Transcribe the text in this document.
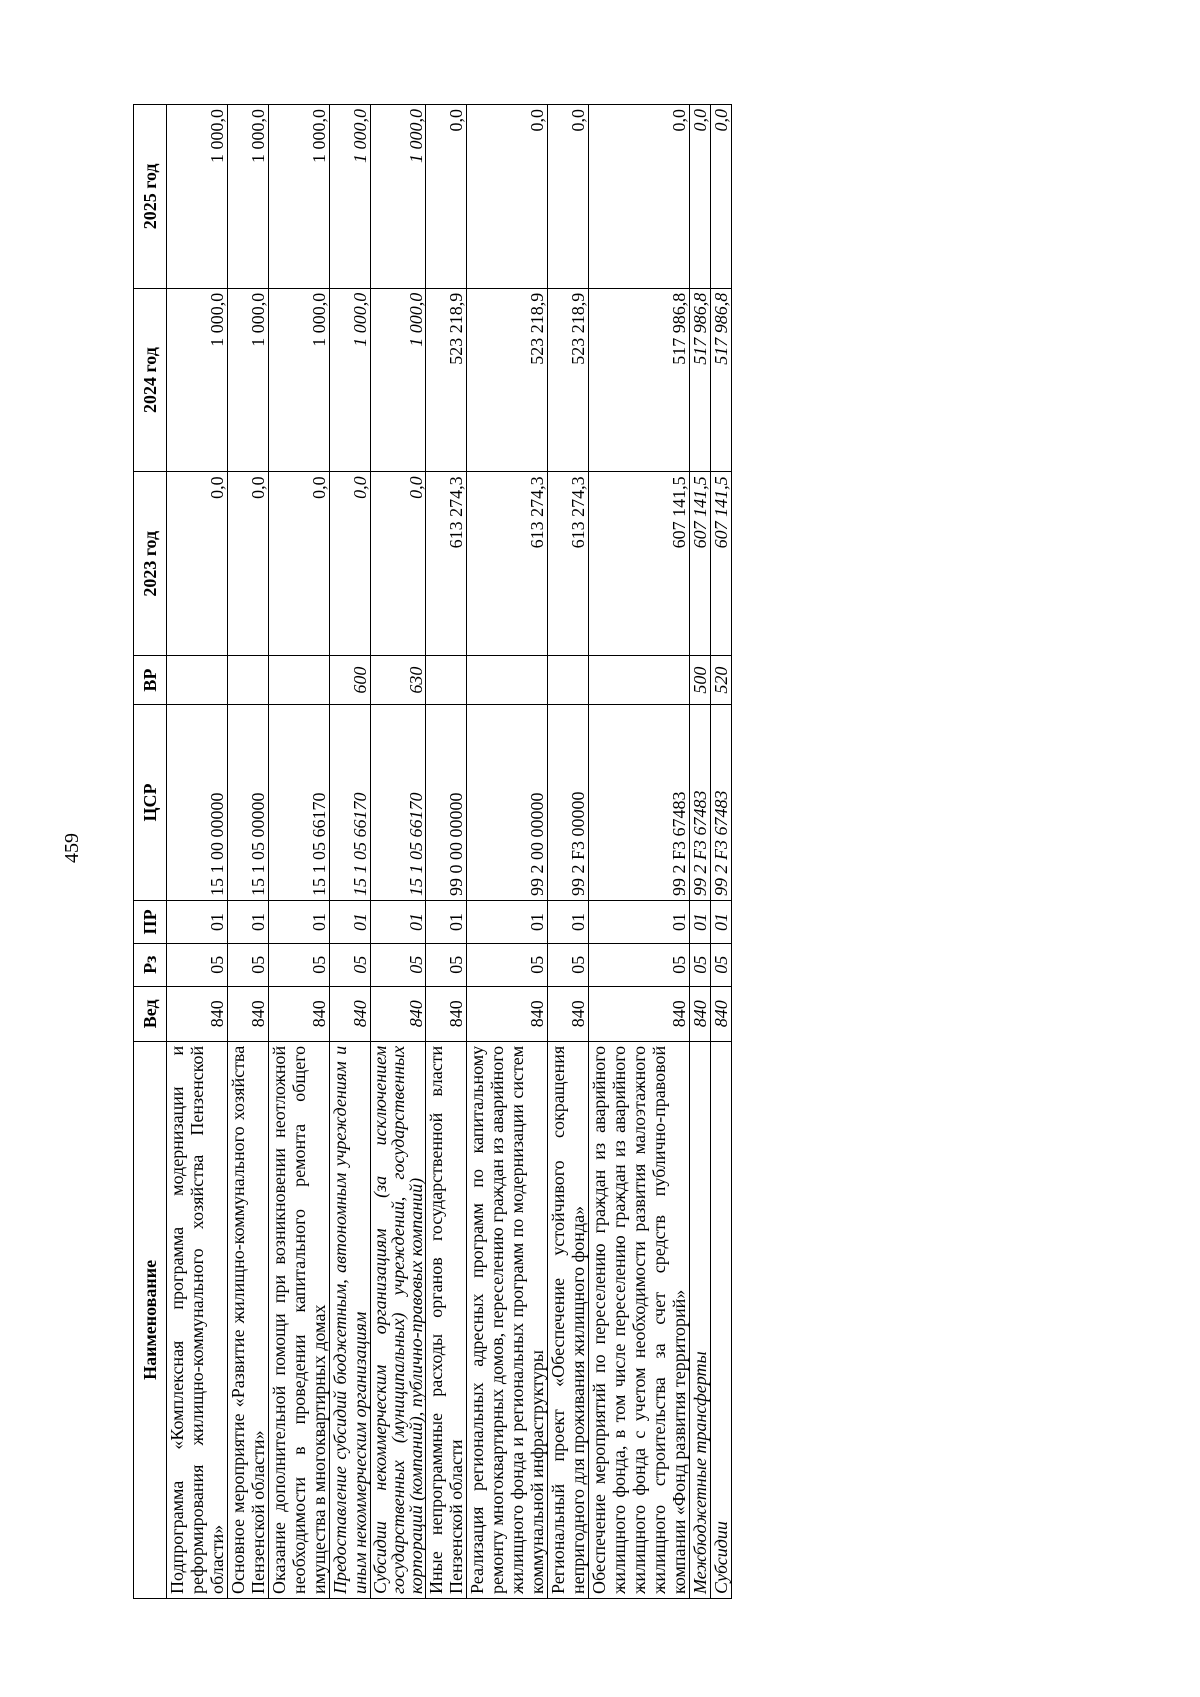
459
Наименование	Вед	Рз	ПР	ЦСР	ВР	2023 год	2024 год	2025 год
Подпрограмма «Комплексная программа модернизации и реформирования жилищно-коммунального хозяйства Пензенской области»	840	05	01	15 1 00 00000		0,0	1 000,0	1 000,0
Основное мероприятие «Развитие жилищно-коммунального хозяйства Пензенской области»	840	05	01	15 1 05 00000		0,0	1 000,0	1 000,0
Оказание дополнительной помощи при возникновении неотложной необходимости в проведении капитального ремонта общего имущества в многоквартирных домах	840	05	01	15 1 05 66170		0,0	1 000,0	1 000,0
Предоставление субсидий бюджетным, автономным учреждениям и иным некоммерческим организациям	840	05	01	15 1 05 66170	600	0,0	1 000,0	1 000,0
Субсидии некоммерческим организациям (за исключением государственных (муниципальных) учреждений, государственных корпораций (компаний), публично-правовых компаний)	840	05	01	15 1 05 66170	630	0,0	1 000,0	1 000,0
Иные непрограммные расходы органов государственной власти Пензенской области	840	05	01	99 0 00 00000		613 274,3	523 218,9	0,0
Реализация региональных адресных программ по капитальному ремонту многоквартирных домов, переселению граждан из аварийного жилищного фонда и региональных программ по модернизации систем коммунальной инфраструктуры	840	05	01	99 2 00 00000		613 274,3	523 218,9	0,0
Региональный проект «Обеспечение устойчивого сокращения непригодного для проживания жилищного фонда»	840	05	01	99 2 F3 00000		613 274,3	523 218,9	0,0
Обеспечение мероприятий по переселению граждан из аварийного жилищного фонда, в том числе переселению граждан из аварийного жилищного фонда с учетом необходимости развития малоэтажного жилищного строительства за счет средств публично-правовой компании «Фонд развития территорий»	840	05	01	99 2 F3 67483		607 141,5	517 986,8	0,0
Межбюджетные трансферты	840	05	01	99 2 F3 67483	500	607 141,5	517 986,8	0,0
Субсидии	840	05	01	99 2 F3 67483	520	607 141,5	517 986,8	0,0
